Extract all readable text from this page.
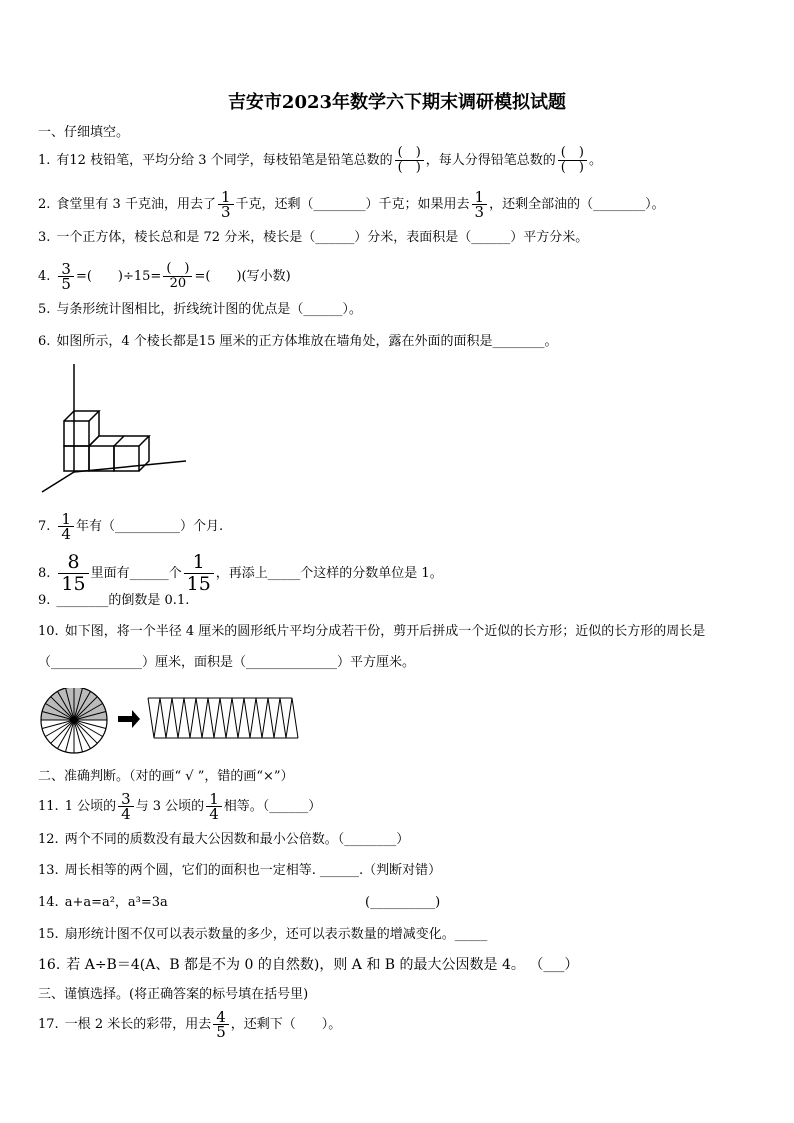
吉安市2023年数学六下期末调研模拟试题
一、仔细填空。
1. 有12 枝铅笔，平均分给 3 个同学，每枝铅笔是铅笔总数的 $\frac{( )}{( )}$ ，每人分得铅笔总数的 $\frac{( )}{( )}$ 。
2. 食堂里有 3 千克油，用去了 $\frac{1}{3}$ 千克，还剩（________）千克；如果用去 $\frac{1}{3}$ ，还剩全部油的（________）。
3. 一个正方体，棱长总和是 72 分米，棱长是（______）分米，表面积是（______）平方分米。
4. $\frac{3}{5}$ =(　　)$\div 15= \frac{( )}{20}$ =(　　)(写小数)
5. 与条形统计图相比，折线统计图的优点是（______）。
6. 如图所示，4 个棱长都是15 厘米的正方体堆放在墙角处，露在外面的面积是________。
7. $\frac{1}{4}$ 年有（__________）个月.
8. $\frac{8}{15}$ 里面有______个 $\frac{1}{15}$ ，再添上_____个这样的分数单位是 1。
9. ________的倒数是 0.1.
10. 如下图，将一个半径 4 厘米的圆形纸片平均分成若干份，剪开后拼成一个近似的长方形；近似的长方形的周长是
（______________）厘米，面积是（______________）平方厘米。
二、准确判断。（对的画“ √ ”，错的画“×”）
11. 1 公顷的 $\frac{3}{4}$ 与 3 公顷的 $\frac{1}{4}$ 相等。（______）
12. 两个不同的质数没有最大公因数和最小公倍数。（________）
13. 周长相等的两个圆，它们的面积也一定相等. ______.（判断对错）
14. a+a=a²，a³=3a	(__________)
15. 扇形统计图不仅可以表示数量的多少，还可以表示数量的增减变化。_____
16. 若 A÷B＝4(A、B 都是不为 0 的自然数)，则 A 和 B 的最大公因数是 4。 （___）
三、谨慎选择。(将正确答案的标号填在括号里)
17. 一根 2 米长的彩带，用去 $\frac{4}{5}$ ，还剩下（　　）。
